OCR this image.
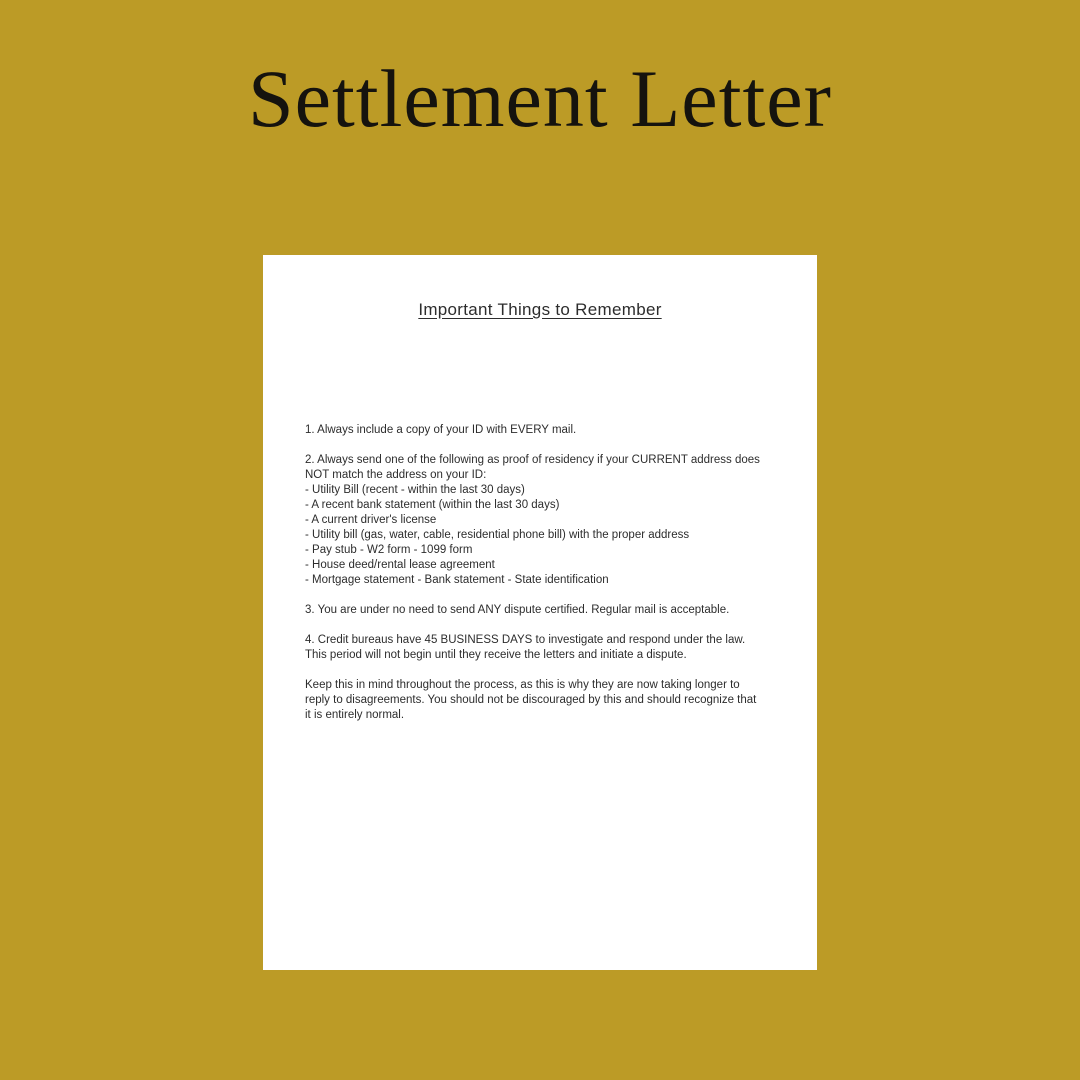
Settlement Letter
Important Things to Remember

1. Always include a copy of your ID with EVERY mail.

2. Always send one of the following as proof of residency if your CURRENT address does NOT match the address on your ID:

- Utility Bill (recent - within the last 30 days)

- A recent bank statement (within the last 30 days)

- A current driver's license

- Utility bill (gas, water, cable, residential phone bill) with the proper address

- Pay stub - W2 form - 1099 form

- House deed/rental lease agreement

- Mortgage statement - Bank statement - State identification

3. You are under no need to send ANY dispute certified. Regular mail is acceptable.

4. Credit bureaus have 45 BUSINESS DAYS to investigate and respond under the law. This period will not begin until they receive the letters and initiate a dispute.

Keep this in mind throughout the process, as this is why they are now taking longer to reply to disagreements. You should not be discouraged by this and should recognize that it is entirely normal.
